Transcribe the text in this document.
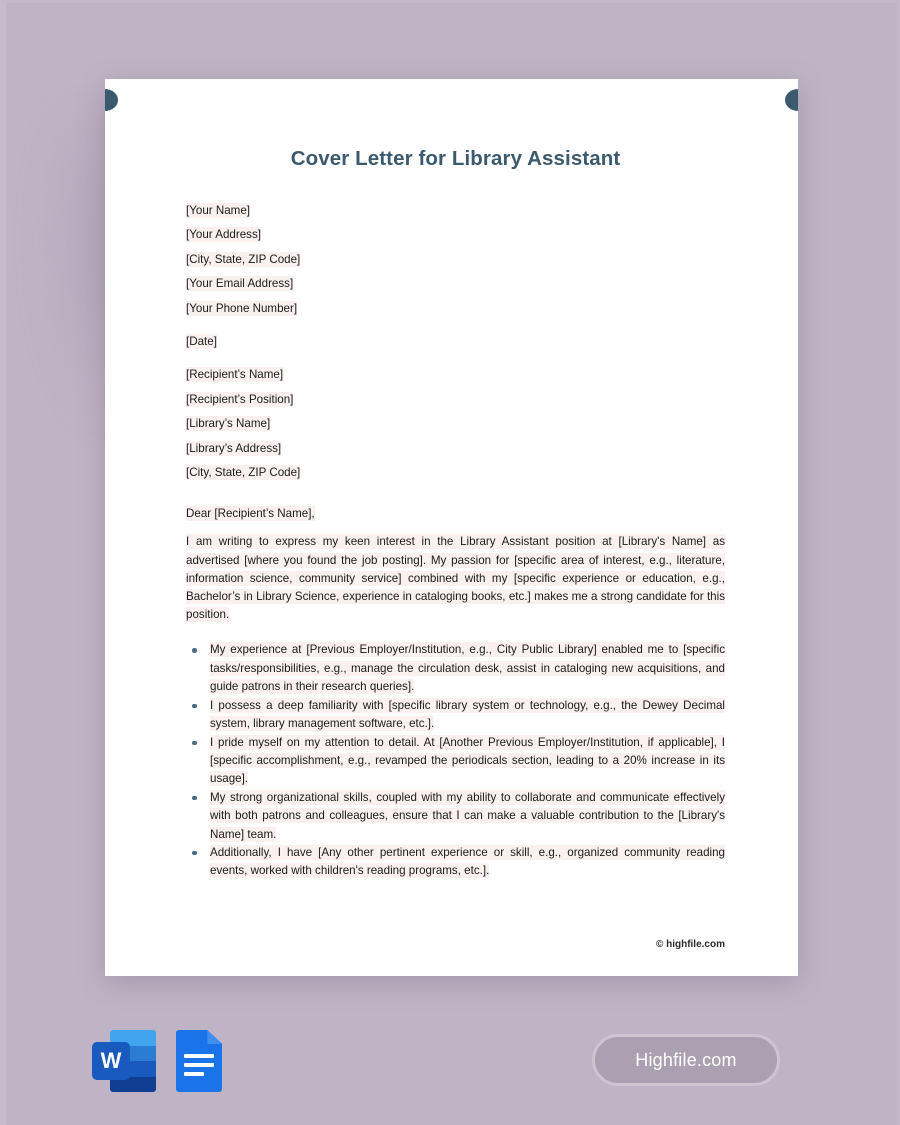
Cover Letter for Library Assistant
[Your Name]
[Your Address]
[City, State, ZIP Code]
[Your Email Address]
[Your Phone Number]
[Date]
[Recipient’s Name]
[Recipient’s Position]
[Library’s Name]
[Library’s Address]
[City, State, ZIP Code]
Dear [Recipient’s Name],

I am writing to express my keen interest in the Library Assistant position at [Library's Name] as advertised [where you found the job posting]. My passion for [specific area of interest, e.g., literature, information science, community service] combined with my [specific experience or education, e.g., Bachelor’s in Library Science, experience in cataloging books, etc.] makes me a strong candidate for this position.

My experience at [Previous Employer/Institution, e.g., City Public Library] enabled me to [specific tasks/responsibilities, e.g., manage the circulation desk, assist in cataloging new acquisitions, and guide patrons in their research queries].
I possess a deep familiarity with [specific library system or technology, e.g., the Dewey Decimal system, library management software, etc.].
I pride myself on my attention to detail. At [Another Previous Employer/Institution, if applicable], I [specific accomplishment, e.g., revamped the periodicals section, leading to a 20% increase in its usage].
My strong organizational skills, coupled with my ability to collaborate and communicate effectively with both patrons and colleagues, ensure that I can make a valuable contribution to the [Library's Name] team.
Additionally, I have [Any other pertinent experience or skill, e.g., organized community reading events, worked with children's reading programs, etc.].
© highfile.com
W	Highfile.com
